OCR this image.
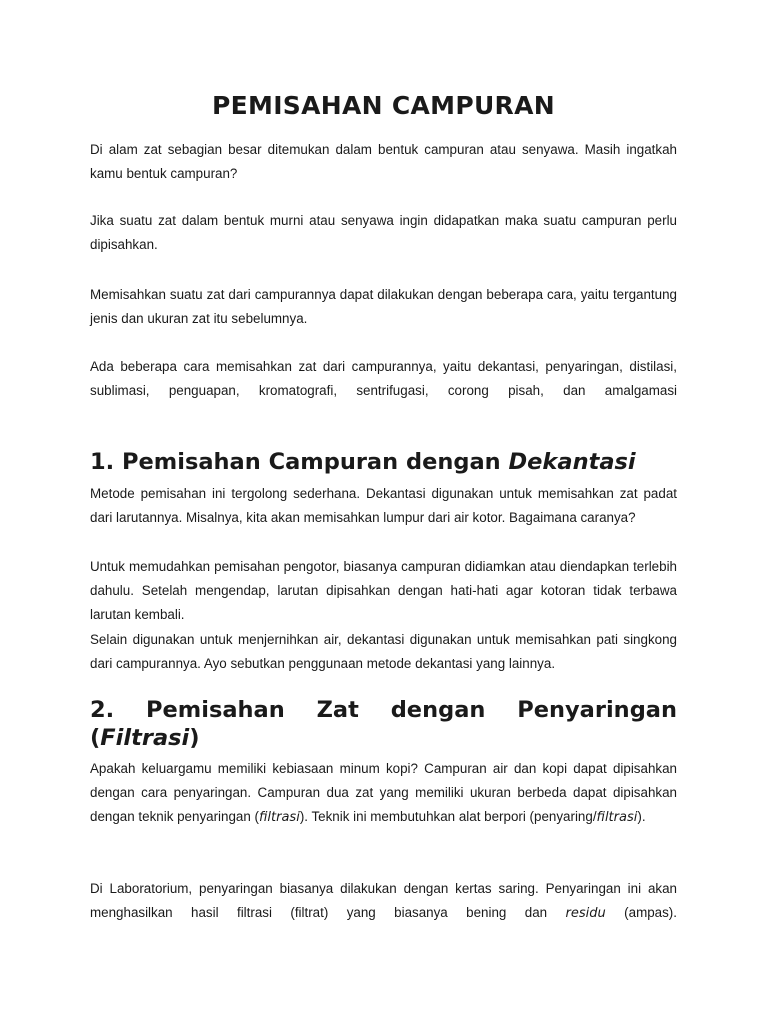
PEMISAHAN CAMPURAN

Di alam zat sebagian besar ditemukan dalam bentuk campuran atau senyawa. Masih ingatkah kamu bentuk campuran?

Jika suatu zat dalam bentuk murni atau senyawa ingin didapatkan maka suatu campuran perlu dipisahkan.

Memisahkan suatu zat dari campurannya dapat dilakukan dengan beberapa cara, yaitu tergantung jenis dan ukuran zat itu sebelumnya.

Ada beberapa cara memisahkan zat dari campurannya, yaitu dekantasi, penyaringan, distilasi, sublimasi, penguapan, kromatografi, sentrifugasi, corong pisah, dan amalgamasi

1. Pemisahan Campuran dengan Dekantasi

Metode pemisahan ini tergolong sederhana. Dekantasi digunakan untuk memisahkan zat padat dari larutannya. Misalnya, kita akan memisahkan lumpur dari air kotor. Bagaimana caranya?

Untuk memudahkan pemisahan pengotor, biasanya campuran didiamkan atau diendapkan terlebih dahulu. Setelah mengendap, larutan dipisahkan dengan hati-hati agar kotoran tidak terbawa larutan kembali.

Selain digunakan untuk menjernihkan air, dekantasi digunakan untuk memisahkan pati singkong dari campurannya. Ayo sebutkan penggunaan metode dekantasi yang lainnya.

2. Pemisahan Zat dengan Penyaringan (Filtrasi)

Apakah keluargamu memiliki kebiasaan minum kopi? Campuran air dan kopi dapat dipisahkan dengan cara penyaringan. Campuran dua zat yang memiliki ukuran berbeda dapat dipisahkan dengan teknik penyaringan (filtrasi). Teknik ini membutuhkan alat berpori (penyaring/filtrasi).

Di Laboratorium, penyaringan biasanya dilakukan dengan kertas saring. Penyaringan ini akan menghasilkan hasil filtrasi (filtrat) yang biasanya bening dan residu (ampas).
